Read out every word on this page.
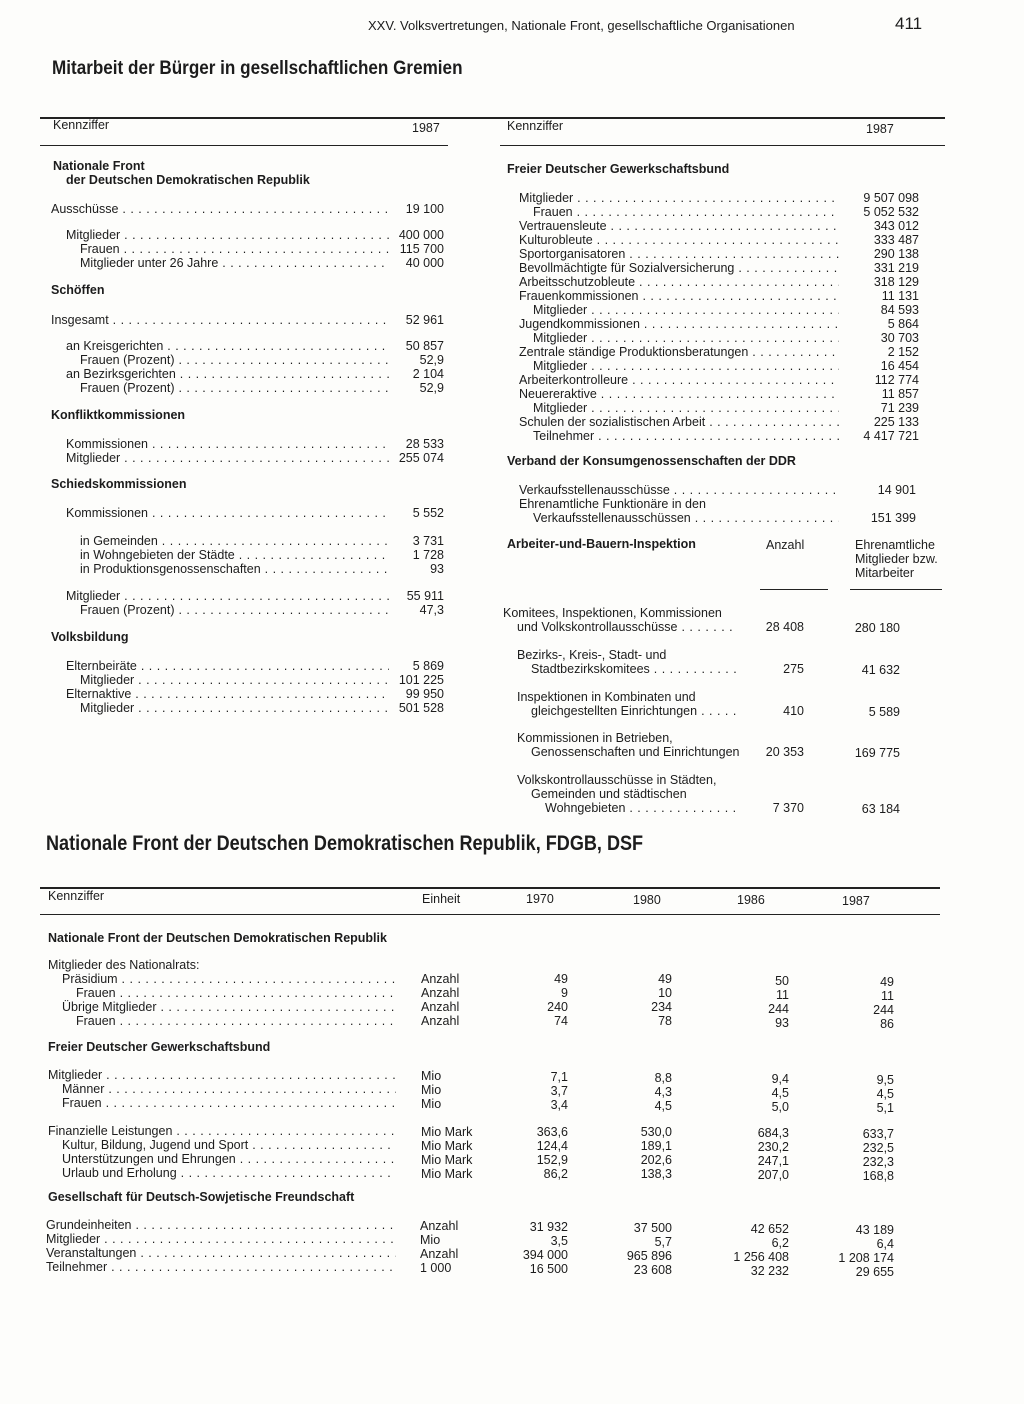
XXV. Volksvertretungen, Nationale Front, gesellschaftliche Organisationen	411
Mitarbeit der Bürger in gesellschaftlichen Gremien
Kennziffer	1987	Kennziffer	1987
Nationale Front
der Deutschen Demokratischen Republik
Ausschüsse . . .	19 100
Mitglieder . . .	400 000
Frauen . . .	115 700
Mitglieder unter 26 Jahre . . .	40 000
Schöffen
Insgesamt . . .	52 961
an Kreisgerichten . . .	50 857
Frauen (Prozent) . . .	52,9
an Bezirksgerichten . . .	2 104
Frauen (Prozent) . . .	52,9
Konfliktkommissionen
Kommissionen . . .	28 533
Mitglieder . . .	255 074
Schiedskommissionen
Kommissionen . . .	5 552
in Gemeinden . . .	3 731
in Wohngebieten der Städte . . .	1 728
in Produktionsgenossenschaften . . .	93
Mitglieder . . .	55 911
Frauen (Prozent) . . .	47,3
Volksbildung
Elternbeiräte . . .	5 869
Mitglieder . . .	101 225
Elternaktive . . .	99 950
Mitglieder . . .	501 528
Freier Deutscher Gewerkschaftsbund
Mitglieder . . .	9 507 098
Frauen . . .	5 052 532
Vertrauensleute . . .	343 012
Kulturobleute . . .	333 487
Sportorganisatoren . . .	290 138
Bevollmächtigte für Sozialversicherung . . .	331 219
Arbeitsschutzobleute . . .	318 129
Frauenkommissionen . . .	11 131
Mitglieder . . .	84 593
Jugendkommissionen . . .	5 864
Mitglieder . . .	30 703
Zentrale ständige Produktionsberatungen . . .	2 152
Mitglieder . . .	16 454
Arbeiterkontrolleure . . .	112 774
Neuereraktive . . .	11 857
Mitglieder . . .	71 239
Schulen der sozialistischen Arbeit . . .	225 133
Teilnehmer . . .	4 417 721
Verband der Konsumgenossenschaften der DDR
Verkaufsstellenausschüsse . . .	14 901
Ehrenamtliche Funktionäre in den
Verkaufsstellenausschüssen . . .	151 399
Arbeiter-und-Bauern-Inspektion	Anzahl	Ehrenamtliche
Mitglieder bzw.
Mitarbeiter
Komitees, Inspektionen, Kommissionen
und Volkskontrollausschüsse . . .	28 408	280 180
Bezirks-, Kreis-, Stadt- und
Stadtbezirkskomitees . . .	275	41 632
Inspektionen in Kombinaten und
gleichgestellten Einrichtungen . . .	410	5 589
Kommissionen in Betrieben,
Genossenschaften und Einrichtungen	20 353	169 775
Volkskontrollausschüsse in Städten,
Gemeinden und städtischen
Wohngebieten . . .	7 370	63 184
Nationale Front der Deutschen Demokratischen Republik, FDGB, DSF
Kennziffer	Einheit	1970	1980	1986	1987
Nationale Front der Deutschen Demokratischen Republik
Mitglieder des Nationalrats:
Präsidium . . .	Anzahl	49	49	50	49
Frauen . . .	Anzahl	9	10	11	11
Übrige Mitglieder . . .	Anzahl	240	234	244	244
Frauen . . .	Anzahl	74	78	93	86
Freier Deutscher Gewerkschaftsbund
Mitglieder . . .	Mio	7,1	8,8	9,4	9,5
Männer . . .	Mio	3,7	4,3	4,5	4,5
Frauen . . .	Mio	3,4	4,5	5,0	5,1
Finanzielle Leistungen . . .	Mio Mark	363,6	530,0	684,3	633,7
Kultur, Bildung, Jugend und Sport . . .	Mio Mark	124,4	189,1	230,2	232,5
Unterstützungen und Ehrungen . . .	Mio Mark	152,9	202,6	247,1	232,3
Urlaub und Erholung . . .	Mio Mark	86,2	138,3	207,0	168,8
Gesellschaft für Deutsch-Sowjetische Freundschaft
Grundeinheiten . . .	Anzahl	31 932	37 500	42 652	43 189
Mitglieder . . .	Mio	3,5	5,7	6,2	6,4
Veranstaltungen . . .	Anzahl	394 000	965 896	1 256 408	1 208 174
Teilnehmer . . .	1 000	16 500	23 608	32 232	29 655
